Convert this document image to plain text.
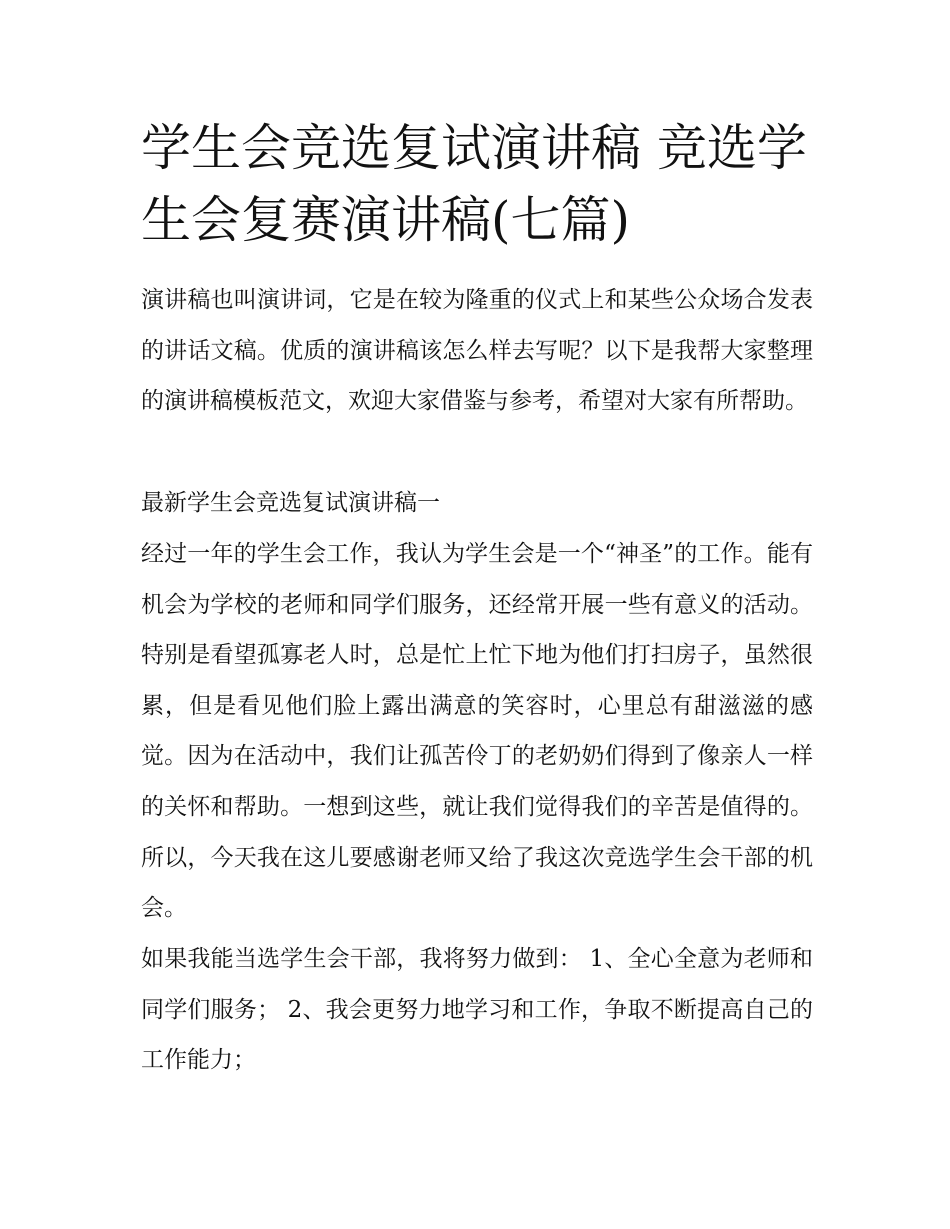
学生会竞选复试演讲稿 竞选学生会复赛演讲稿(七篇)

演讲稿也叫演讲词，它是在较为隆重的仪式上和某些公众场合发表的讲话文稿。优质的演讲稿该怎么样去写呢？以下是我帮大家整理的演讲稿模板范文，欢迎大家借鉴与参考，希望对大家有所帮助。

最新学生会竞选复试演讲稿一

经过一年的学生会工作，我认为学生会是一个“神圣”的工作。能有机会为学校的老师和同学们服务，还经常开展一些有意义的活动。特别是看望孤寡老人时，总是忙上忙下地为他们打扫房子，虽然很累，但是看见他们脸上露出满意的笑容时，心里总有甜滋滋的感觉。因为在活动中，我们让孤苦伶丁的老奶奶们得到了像亲人一样的关怀和帮助。一想到这些，就让我们觉得我们的辛苦是值得的。所以，今天我在这儿要感谢老师又给了我这次竞选学生会干部的机会。

如果我能当选学生会干部，我将努力做到： 1、全心全意为老师和同学们服务； 2、我会更努力地学习和工作，争取不断提高自己的工作能力；
